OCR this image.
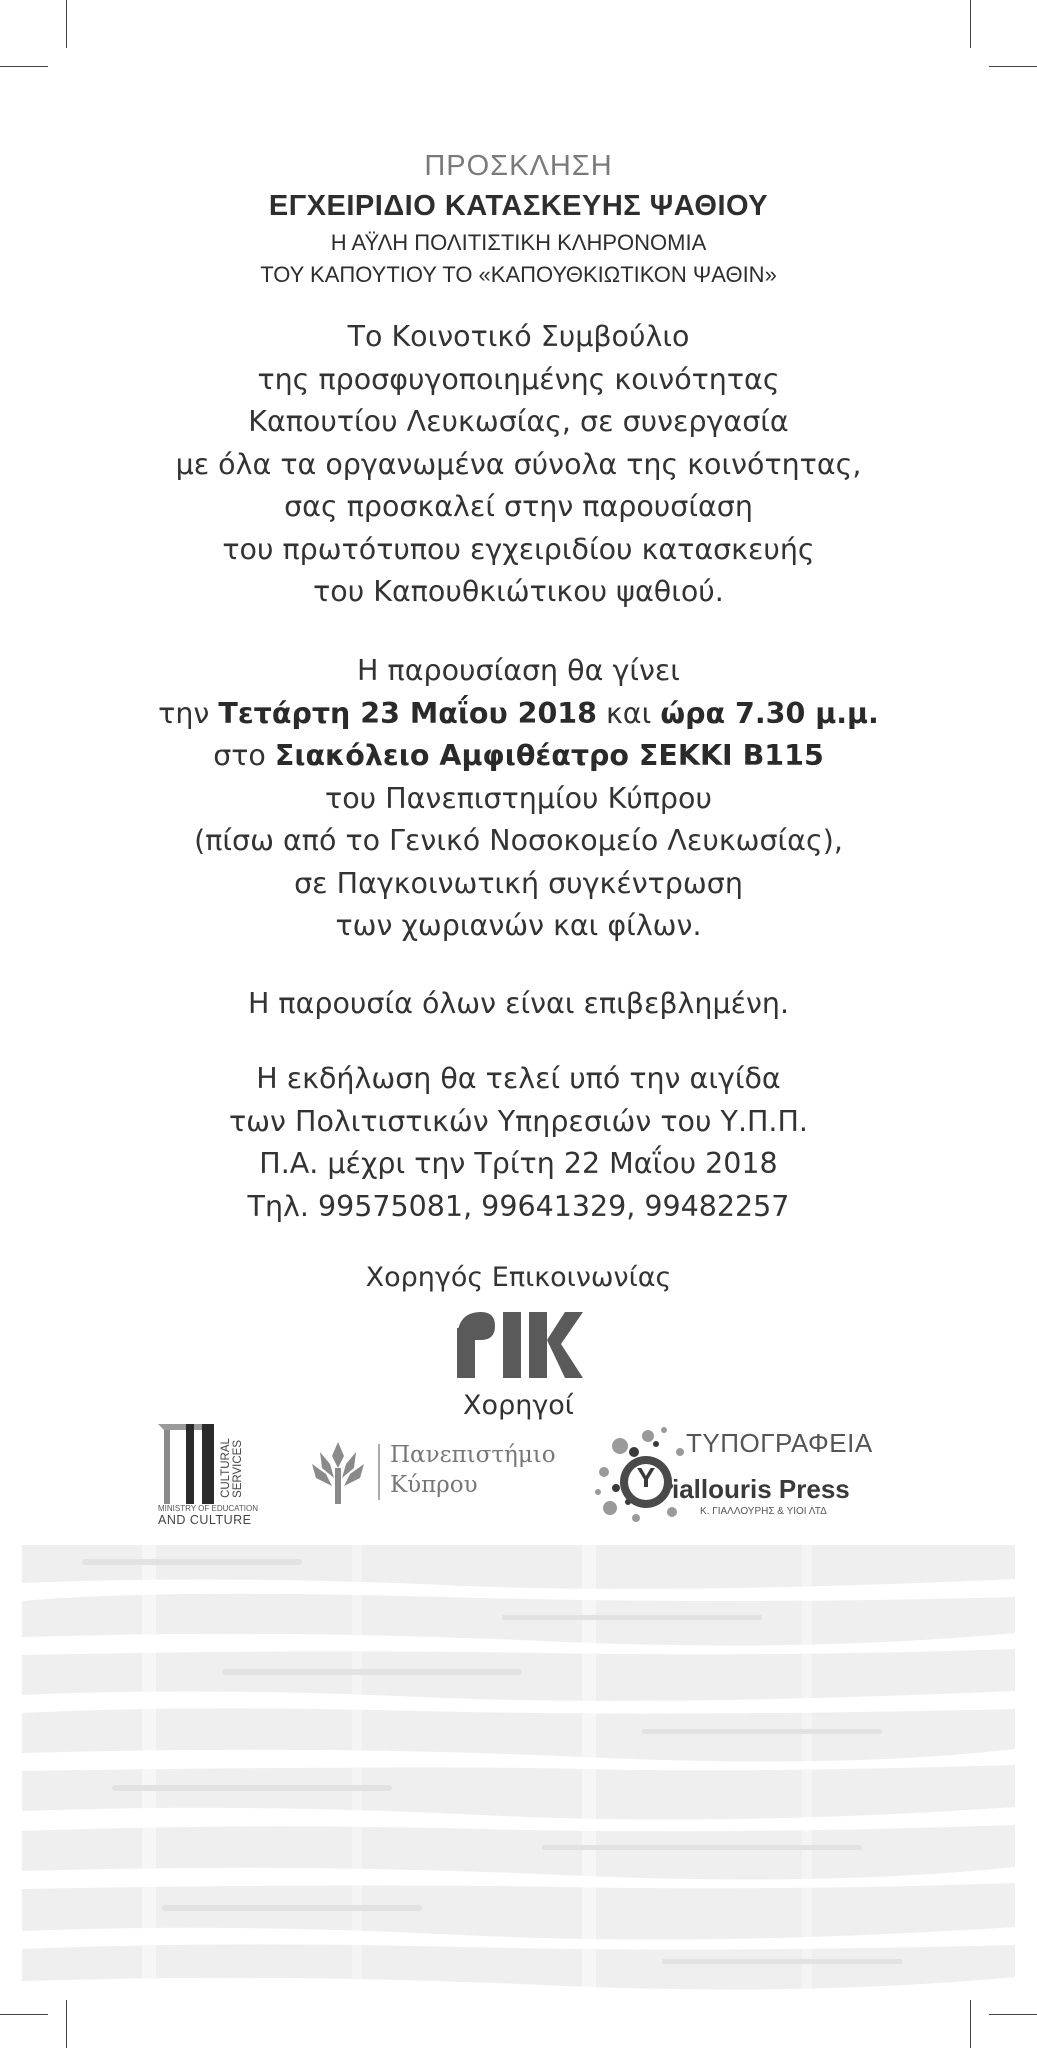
ΠΡΟΣΚΛΗΣΗ
ΕΓΧΕΙΡΙΔΙΟ ΚΑΤΑΣΚΕΥΗΣ ΨΑΘΙΟΥ
Η ΑΫΛΗ ΠΟΛΙΤΙΣΤΙΚΗ ΚΛΗΡΟΝΟΜΙΑ
ΤΟΥ ΚΑΠΟΥΤΙΟΥ ΤΟ «ΚΑΠΟΥΘΚΙΩΤΙΚΟΝ ΨΑΘΙΝ»

Το Κοινοτικό Συμβούλιο

της προσφυγοποιημένης κοινότητας

Καπουτίου Λευκωσίας, σε συνεργασία

με όλα τα οργανωμένα σύνολα της κοινότητας,

σας προσκαλεί στην παρουσίαση

του πρωτότυπου εγχειριδίου κατασκευής

του Καπουθκιώτικου ψαθιού.

Η παρουσίαση θα γίνει

την Τετάρτη 23 Μαΐου 2018 και ώρα 7.30 μ.μ.

στο Σιακόλειο Αμφιθέατρο ΣΕΚΚΙ Β115

του Πανεπιστημίου Κύπρου

(πίσω από το Γενικό Νοσοκομείο Λευκωσίας),

σε Παγκοινωτική συγκέντρωση

των χωριανών και φίλων.

Η παρουσία όλων είναι επιβεβλημένη.

Η εκδήλωση θα τελεί υπό την αιγίδα

των Πολιτιστικών Υπηρεσιών του Υ.Π.Π.

Π.Α. μέχρι την Τρίτη 22 Μαΐου 2018

Τηλ. 99575081, 99641329, 99482257

Χορηγός Επικοινωνίας
Χορηγοί
CULTURAL SERVICES
MINISTRY OF EDUCATION
AND CULTURE
Πανεπιστήμιο
Κύπρου	Y
ΤΥΠΟΓΡΑΦΕΙΑ
iallouris Press
Κ. ΓΙΑΛΛΟΥΡΗΣ & ΥΙΟΙ ΛΤΔ
